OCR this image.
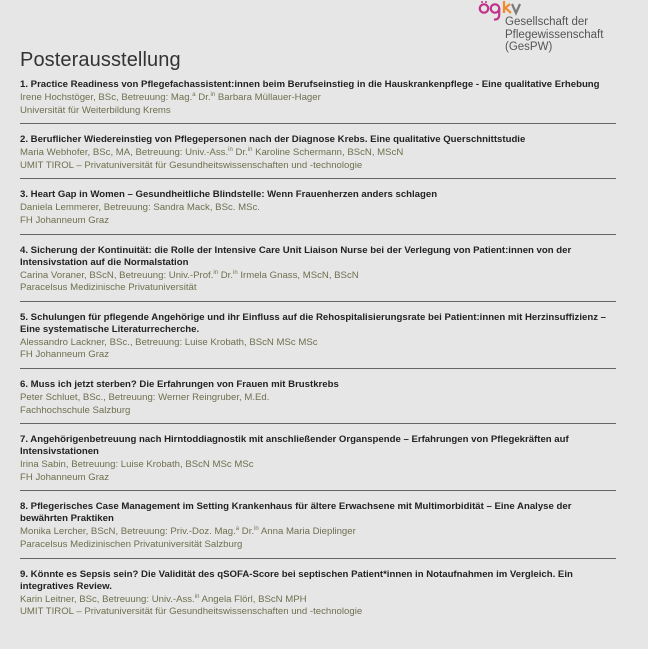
Posterausstellung
Gesellschaft der
Pflegewissenschaft
(GesPW)
1. Practice Readiness von Pflegefachassistent:innen beim Berufseinstieg in die Hauskrankenpflege - Eine qualitative Erhebung
Irene Hochstöger, BSc, Betreuung: Mag.$^a$ Dr.$^{in}$ Barbara Müllauer-Hager
Universität für Weiterbildung Krems
2. Beruflicher Wiedereinstieg von Pflegepersonen nach der Diagnose Krebs. Eine qualitative Querschnittstudie
Maria Webhofer, BSc, MA, Betreuung: Univ.-Ass.$^{in}$ Dr.$^{in}$ Karoline Schermann, BScN, MScN
UMIT TIROL – Privatuniversität für Gesundheitswissenschaften und -technologie
3. Heart Gap in Women – Gesundheitliche Blindstelle: Wenn Frauenherzen anders schlagen
Daniela Lemmerer, Betreuung: Sandra Mack, BSc. MSc.
FH Johanneum Graz
4. Sicherung der Kontinuität: die Rolle der Intensive Care Unit Liaison Nurse bei der Verlegung von Patient:innen von der Intensivstation auf die Normalstation
Carina Voraner, BScN, Betreuung: Univ.-Prof.$^{in}$ Dr.$^{in}$ Irmela Gnass, MScN, BScN
Paracelsus Medizinische Privatuniversität
5. Schulungen für pflegende Angehörige und ihr Einfluss auf die Rehospitalisierungsrate bei Patient:innen mit Herzinsuffizienz – Eine systematische Literaturrecherche.
Alessandro Lackner, BSc., Betreuung: Luise Krobath, BScN MSc MSc
FH Johanneum Graz
6. Muss ich jetzt sterben? Die Erfahrungen von Frauen mit Brustkrebs
Peter Schluet, BSc., Betreuung: Werner Reingruber, M.Ed.
Fachhochschule Salzburg
7. Angehörigenbetreuung nach Hirntoddiagnostik mit anschließender Organspende – Erfahrungen von Pflegekräften auf Intensivstationen
Irina Sabin, Betreuung: Luise Krobath, BScN MSc MSc
FH Johanneum Graz
8. Pflegerisches Case Management im Setting Krankenhaus für ältere Erwachsene mit Multimorbidität – Eine Analyse der bewährten Praktiken
Monika Lercher, BScN, Betreuung: Priv.-Doz. Mag.$^a$ Dr.$^{in}$ Anna Maria Dieplinger
Paracelsus Medizinischen Privatuniversität Salzburg
9. Könnte es Sepsis sein? Die Validität des qSOFA-Score bei septischen Patient*innen in Notaufnahmen im Vergleich. Ein integratives Review.
Karin Leitner, BSc, Betreuung: Univ.-Ass.$^{in}$ Angela Flörl, BScN MPH
UMIT TIROL – Privatuniversität für Gesundheitswissenschaften und -technologie
